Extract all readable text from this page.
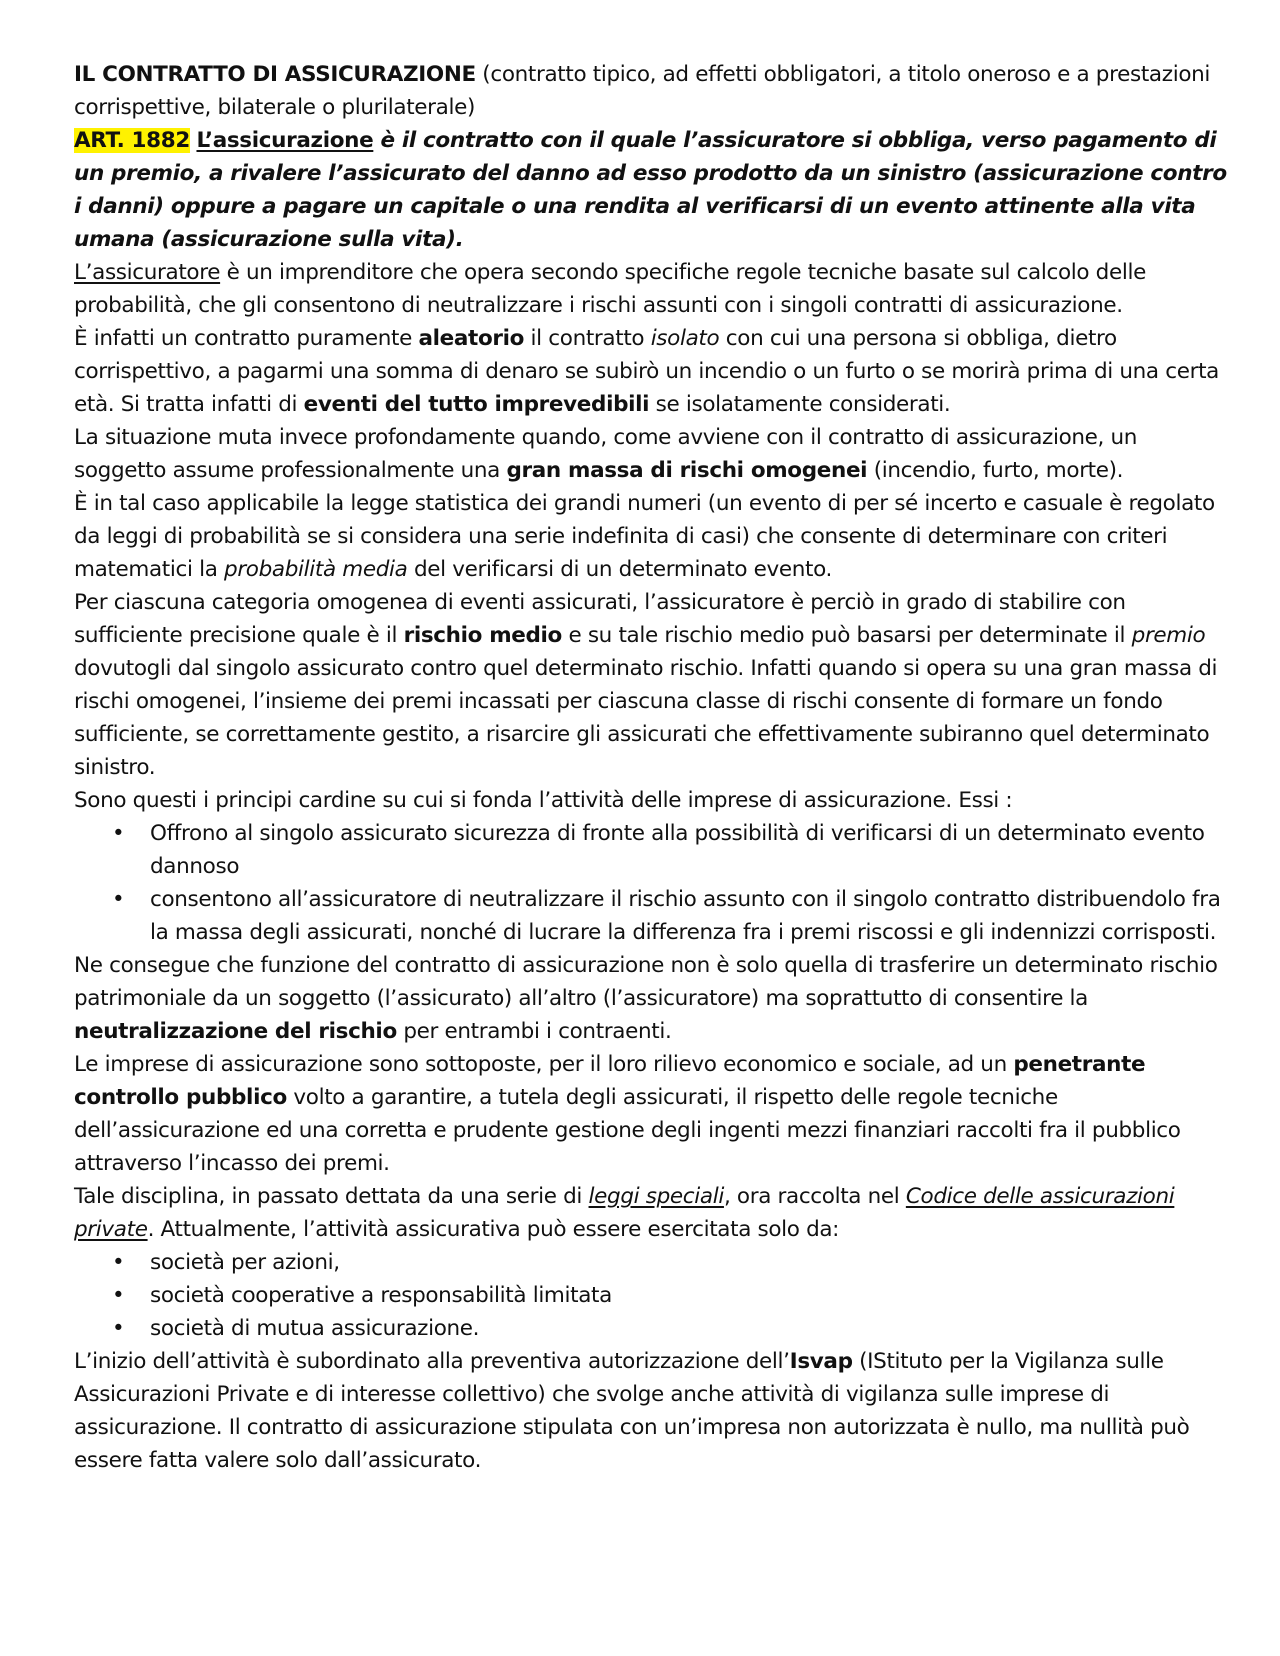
IL CONTRATTO DI ASSICURAZIONE (contratto tipico, ad effetti obbligatori, a titolo oneroso e a prestazioni corrispettive, bilaterale o plurilaterale)

ART. 1882 L’assicurazione è il contratto con il quale l’assicuratore si obbliga, verso pagamento di un premio, a rivalere l’assicurato del danno ad esso prodotto da un sinistro (assicurazione contro i danni) oppure a pagare un capitale o una rendita al verificarsi di un evento attinente alla vita umana (assicurazione sulla vita).

L’assicuratore è un imprenditore che opera secondo specifiche regole tecniche basate sul calcolo delle probabilità, che gli consentono di neutralizzare i rischi assunti con i singoli contratti di assicurazione.

È infatti un contratto puramente aleatorio il contratto isolato con cui una persona si obbliga, dietro corrispettivo, a pagarmi una somma di denaro se subirò un incendio o un furto o se morirà prima di una certa età. Si tratta infatti di eventi del tutto imprevedibili se isolatamente considerati.

La situazione muta invece profondamente quando, come avviene con il contratto di assicurazione, un soggetto assume professionalmente una gran massa di rischi omogenei (incendio, furto, morte).

È in tal caso applicabile la legge statistica dei grandi numeri (un evento di per sé incerto e casuale è regolato da leggi di probabilità se si considera una serie indefinita di casi) che consente di determinare con criteri matematici la probabilità media del verificarsi di un determinato evento.

Per ciascuna categoria omogenea di eventi assicurati, l’assicuratore è perciò in grado di stabilire con sufficiente precisione quale è il rischio medio e su tale rischio medio può basarsi per determinate il premio dovutogli dal singolo assicurato contro quel determinato rischio. Infatti quando si opera su una gran massa di rischi omogenei, l’insieme dei premi incassati per ciascuna classe di rischi consente di formare un fondo sufficiente, se correttamente gestito, a risarcire gli assicurati che effettivamente subiranno quel determinato sinistro.

Sono questi i principi cardine su cui si fonda l’attività delle imprese di assicurazione. Essi :

• Offrono al singolo assicurato sicurezza di fronte alla possibilità di verificarsi di un determinato evento dannoso
• consentono all’assicuratore di neutralizzare il rischio assunto con il singolo contratto distribuendolo fra la massa degli assicurati, nonché di lucrare la differenza fra i premi riscossi e gli indennizzi corrisposti.

Ne consegue che funzione del contratto di assicurazione non è solo quella di trasferire un determinato rischio patrimoniale da un soggetto (l’assicurato) all’altro (l’assicuratore) ma soprattutto di consentire la neutralizzazione del rischio per entrambi i contraenti.

Le imprese di assicurazione sono sottoposte, per il loro rilievo economico e sociale, ad un penetrante controllo pubblico volto a garantire, a tutela degli assicurati, il rispetto delle regole tecniche dell’assicurazione ed una corretta e prudente gestione degli ingenti mezzi finanziari raccolti fra il pubblico attraverso l’incasso dei premi.

Tale disciplina, in passato dettata da una serie di leggi speciali, ora raccolta nel Codice delle assicurazioni private. Attualmente, l’attività assicurativa può essere esercitata solo da:

• società per azioni,
• società cooperative a responsabilità limitata
• società di mutua assicurazione.

L’inizio dell’attività è subordinato alla preventiva autorizzazione dell’Isvap (IStituto per la Vigilanza sulle Assicurazioni Private e di interesse collettivo) che svolge anche attività di vigilanza sulle imprese di assicurazione. Il contratto di assicurazione stipulata con un’impresa non autorizzata è nullo, ma nullità può essere fatta valere solo dall’assicurato.
